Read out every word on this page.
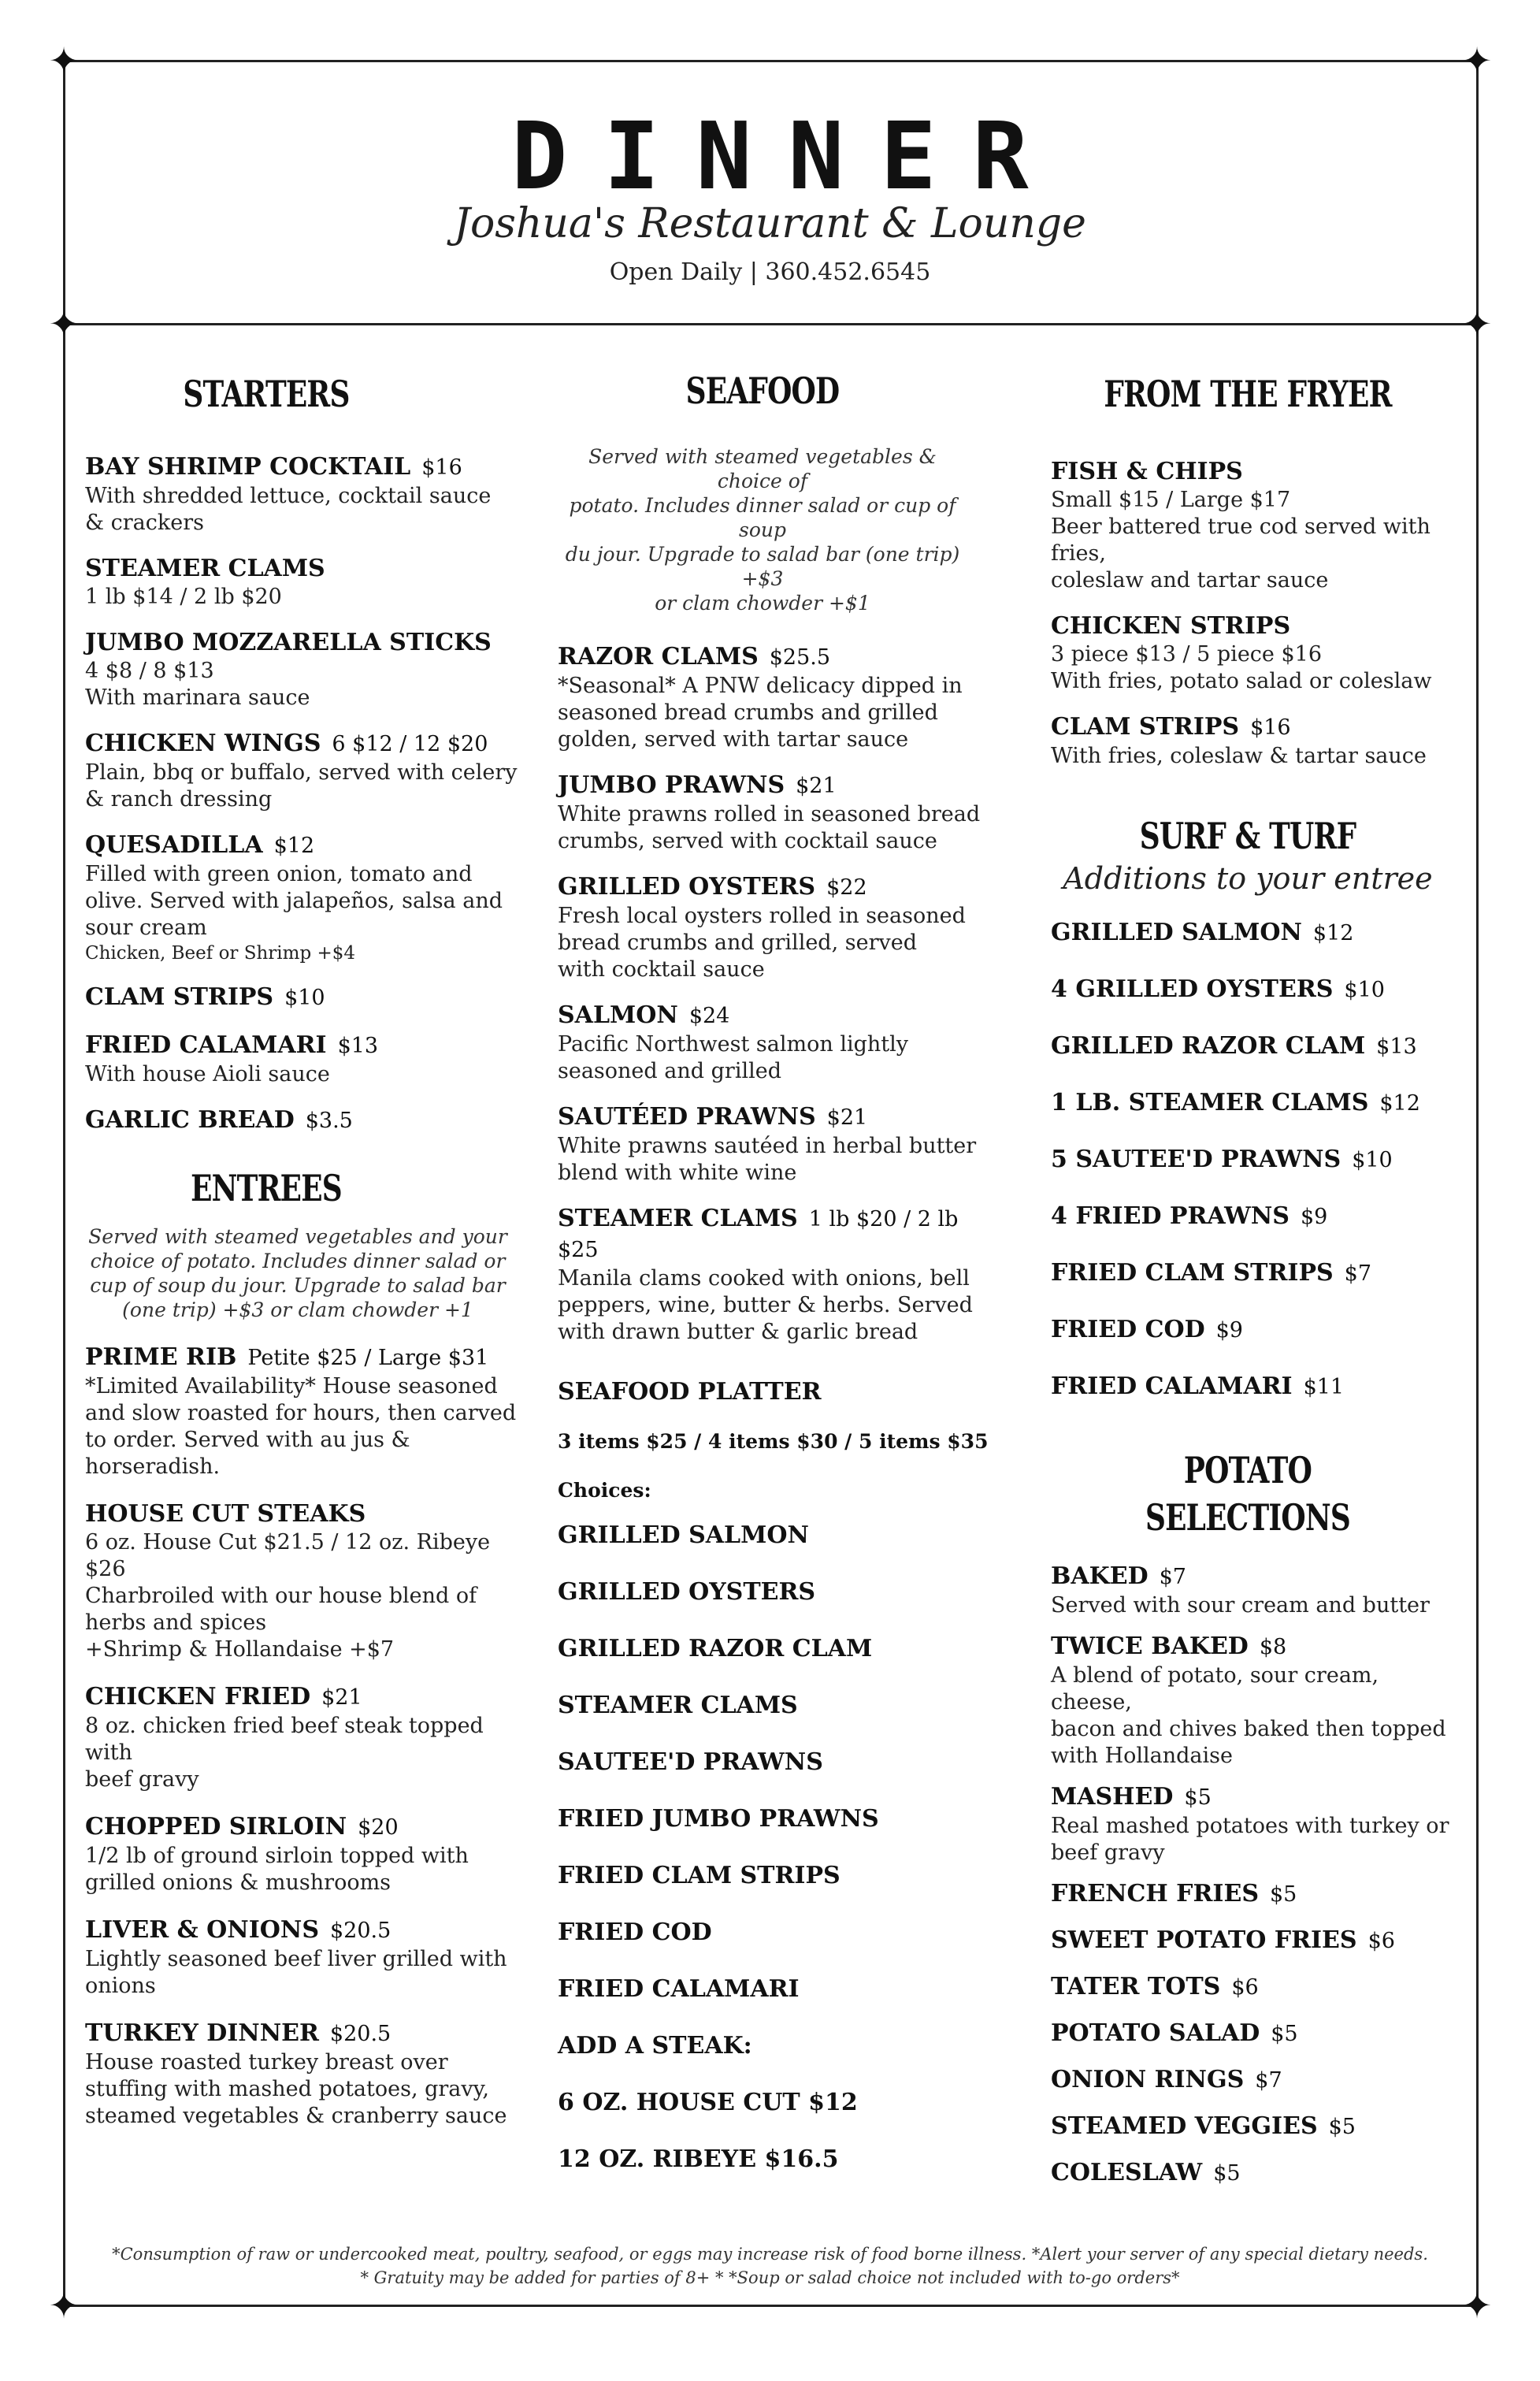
✦	✦
✦	✦
✦	✦
DINNER
Joshua's Restaurant & Lounge
Open Daily | 360.452.6545
STARTERS
BAY SHRIMP COCKTAIL $16
With shredded lettuce, cocktail sauce
& crackers
STEAMER CLAMS
1 lb $14 / 2 lb $20
JUMBO MOZZARELLA STICKS
4 $8 / 8 $13
With marinara sauce
CHICKEN WINGS 6 $12 / 12 $20
Plain, bbq or buffalo, served with celery
& ranch dressing
QUESADILLA $12
Filled with green onion, tomato and
olive. Served with jalapeños, salsa and
sour cream
Chicken, Beef or Shrimp +$4
CLAM STRIPS $10
FRIED CALAMARI $13
With house Aioli sauce
GARLIC BREAD $3.5
ENTREES
Served with steamed vegetables and your
choice of potato. Includes dinner salad or
cup of soup du jour. Upgrade to salad bar
(one trip) +$3 or clam chowder +1
PRIME RIB Petite $25 / Large $31
*Limited Availability* House seasoned
and slow roasted for hours, then carved
to order. Served with au jus & horseradish.
HOUSE CUT STEAKS
6 oz. House Cut $21.5 / 12 oz. Ribeye $26
Charbroiled with our house blend of
herbs and spices
+Shrimp & Hollandaise +$7
CHICKEN FRIED $21
8 oz. chicken fried beef steak topped with
beef gravy
CHOPPED SIRLOIN $20
1/2 lb of ground sirloin topped with
grilled onions & mushrooms
LIVER & ONIONS $20.5
Lightly seasoned beef liver grilled with
onions
TURKEY DINNER $20.5
House roasted turkey breast over
stuffing with mashed potatoes, gravy,
steamed vegetables & cranberry sauce
SEAFOOD
Served with steamed vegetables & choice of
potato. Includes dinner salad or cup of soup
du jour. Upgrade to salad bar (one trip) +$3
or clam chowder +$1
RAZOR CLAMS $25.5
*Seasonal* A PNW delicacy dipped in
seasoned bread crumbs and grilled
golden, served with tartar sauce
JUMBO PRAWNS $21
White prawns rolled in seasoned bread
crumbs, served with cocktail sauce
GRILLED OYSTERS $22
Fresh local oysters rolled in seasoned
bread crumbs and grilled, served
with cocktail sauce
SALMON $24
Pacific Northwest salmon lightly
seasoned and grilled
SAUTÉED PRAWNS $21
White prawns sautéed in herbal butter
blend with white wine
STEAMER CLAMS 1 lb $20 / 2 lb $25
Manila clams cooked with onions, bell
peppers, wine, butter & herbs. Served
with drawn butter & garlic bread
SEAFOOD PLATTER
3 items $25 / 4 items $30 / 5 items $35
Choices:
GRILLED SALMON
GRILLED OYSTERS
GRILLED RAZOR CLAM
STEAMER CLAMS
SAUTEE'D PRAWNS
FRIED JUMBO PRAWNS
FRIED CLAM STRIPS
FRIED COD
FRIED CALAMARI
ADD A STEAK:
6 OZ. HOUSE CUT $12
12 OZ. RIBEYE $16.5
FROM THE FRYER
FISH & CHIPS
Small $15 / Large $17
Beer battered true cod served with fries,
coleslaw and tartar sauce
CHICKEN STRIPS
3 piece $13 / 5 piece $16
With fries, potato salad or coleslaw
CLAM STRIPS $16
With fries, coleslaw & tartar sauce
SURF & TURF
Additions to your entree
GRILLED SALMON $12
4 GRILLED OYSTERS $10
GRILLED RAZOR CLAM $13
1 LB. STEAMER CLAMS $12
5 SAUTEE'D PRAWNS $10
4 FRIED PRAWNS $9
FRIED CLAM STRIPS $7
FRIED COD $9
FRIED CALAMARI $11
POTATO SELECTIONS
BAKED $7
Served with sour cream and butter
TWICE BAKED $8
A blend of potato, sour cream, cheese,
bacon and chives baked then topped
with Hollandaise
MASHED $5
Real mashed potatoes with turkey or
beef gravy
FRENCH FRIES $5
SWEET POTATO FRIES $6
TATER TOTS $6
POTATO SALAD $5
ONION RINGS $7
STEAMED VEGGIES $5
COLESLAW $5
*Consumption of raw or undercooked meat, poultry, seafood, or eggs may increase risk of food borne illness. *Alert your server of any special dietary needs.
* Gratuity may be added for parties of 8+ * *Soup or salad choice not included with to-go orders*
